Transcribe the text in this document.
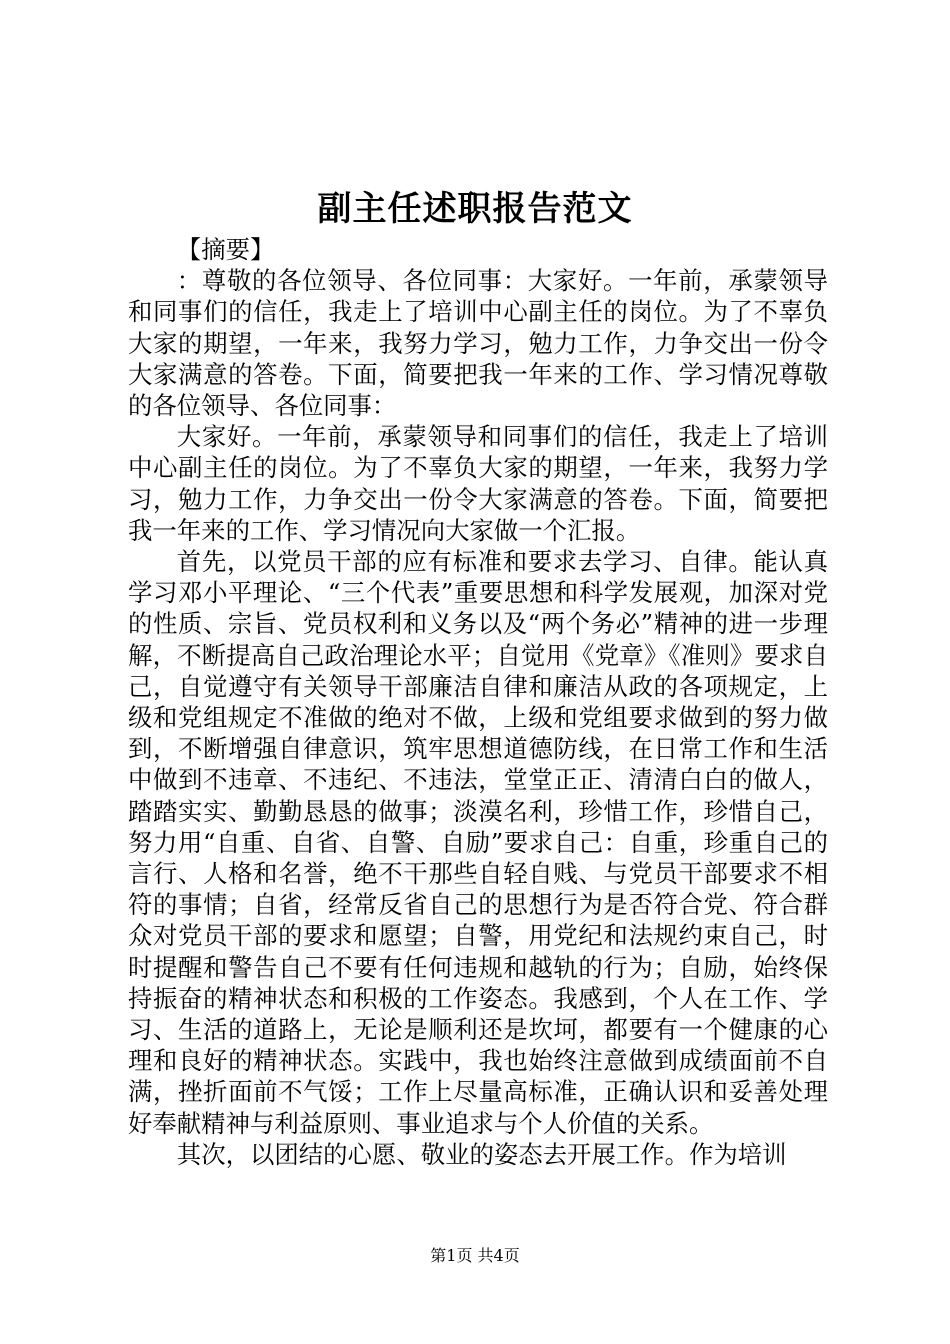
副主任述职报告范文

【摘要】

：尊敬的各位领导、各位同事：大家好。一年前，承蒙领导和同事们的信任，我走上了培训中心副主任的岗位。为了不辜负大家的期望，一年来，我努力学习，勉力工作，力争交出一份令大家满意的答卷。下面，简要把我一年来的工作、学习情况尊敬的各位领导、各位同事：

大家好。一年前，承蒙领导和同事们的信任，我走上了培训中心副主任的岗位。为了不辜负大家的期望，一年来，我努力学习，勉力工作，力争交出一份令大家满意的答卷。下面，简要把我一年来的工作、学习情况向大家做一个汇报。

首先，以党员干部的应有标准和要求去学习、自律。能认真学习邓小平理论、“三个代表”重要思想和科学发展观，加深对党的性质、宗旨、党员权利和义务以及“两个务必”精神的进一步理解，不断提高自己政治理论水平；自觉用《党章》《准则》要求自己，自觉遵守有关领导干部廉洁自律和廉洁从政的各项规定，上级和党组规定不准做的绝对不做，上级和党组要求做到的努力做到，不断增强自律意识，筑牢思想道德防线，在日常工作和生活中做到不违章、不违纪、不违法，堂堂正正、清清白白的做人，踏踏实实、勤勤恳恳的做事；淡漠名利，珍惜工作，珍惜自己，努力用“自重、自省、自警、自励”要求自己：自重，珍重自己的言行、人格和名誉，绝不干那些自轻自贱、与党员干部要求不相符的事情；自省，经常反省自己的思想行为是否符合党、符合群众对党员干部的要求和愿望；自警，用党纪和法规约束自己，时时提醒和警告自己不要有任何违规和越轨的行为；自励，始终保持振奋的精神状态和积极的工作姿态。我感到，个人在工作、学习、生活的道路上，无论是顺利还是坎坷，都要有一个健康的心理和良好的精神状态。实践中，我也始终注意做到成绩面前不自满，挫折面前不气馁；工作上尽量高标准，正确认识和妥善处理好奉献精神与利益原则、事业追求与个人价值的关系。

其次，以团结的心愿、敬业的姿态去开展工作。作为培训

第1页 共4页
